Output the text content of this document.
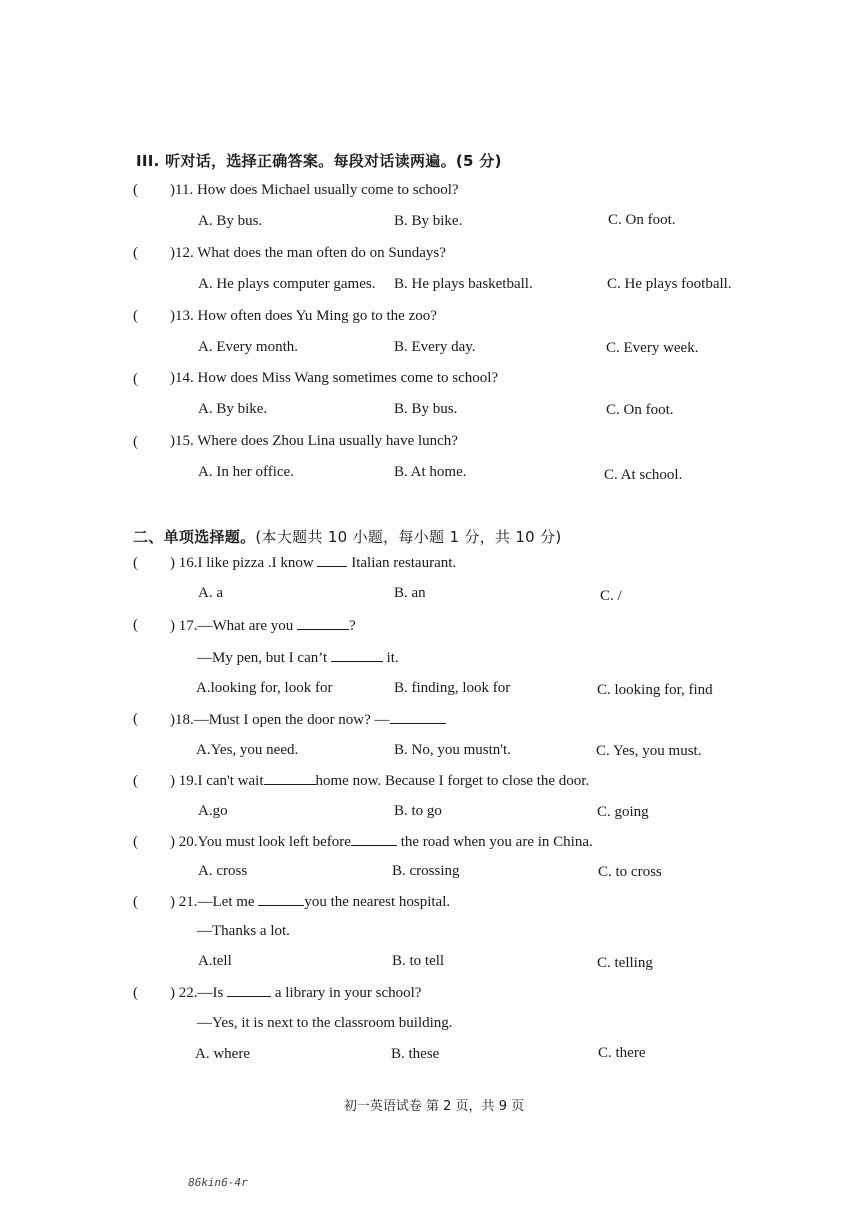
III. 听对话，选择正确答案。每段对话读两遍。(5 分)
( )11. How does Michael usually come to school?
A. By bus.	B. By bike.	C. On foot.
( )12. What does the man often do on Sundays?
A. He plays computer games. B. He plays basketball.	C. He plays football.
( )13. How often does Yu Ming go to the zoo?
A. Every month.	B. Every day.	C. Every week.
( )14. How does Miss Wang sometimes come to school?
A. By bike.	B. By bus.	C. On foot.
( )15. Where does Zhou Lina usually have lunch?
A. In her office.	B. At home.	C. At school.
二、单项选择题。(本大题共 10 小题，每小题 1 分，共 10 分)
( ) 16.I like pizza .I know	Italian restaurant.
A. a	B. an	C. /
( ) 17.—What are you	?
—My pen, but I can’t	it.
A.looking for, look for	B. finding, look for	C. looking for, find
( )18.—Must I open the door now? —
A.Yes, you need.	B. No, you mustn't.	C. Yes, you must.
( ) 19.I can't wait	home now. Because I forget to close the door.
A.go	B. to go	C. going
( ) 20.You must look left before	the road when you are in China.
A. cross	B. crossing	C. to cross
( ) 21.—Let me	you the nearest hospital.
—Thanks a lot.
A.tell	B. to tell	C. telling
( ) 22.—Is	a library in your school?
—Yes, it is next to the classroom building.
A. where	B. these	C. there
初一英语试卷 第 2 页，共 9 页
86kin6-4r
